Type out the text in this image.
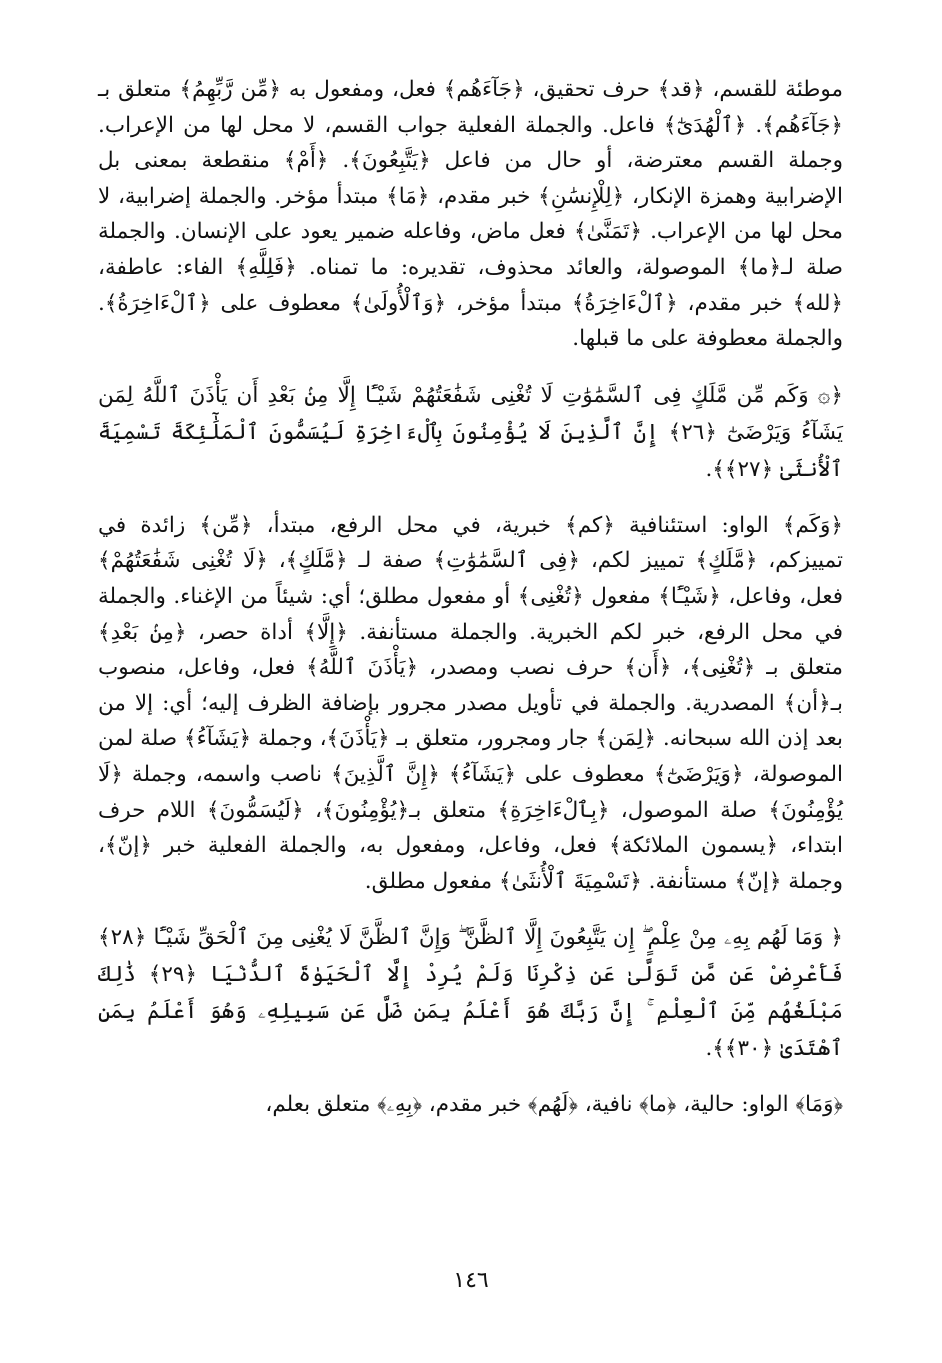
موطئة للقسم، ﴿قد﴾ حرف تحقيق، ﴿جَآءَهُم﴾ فعل، ومفعول به ﴿مِّن رَّبِّهِمُ﴾ متعلق بـ ﴿جَآءَهُم﴾. ﴿ٱلْهُدَىٰٓ﴾ فاعل. والجملة الفعلية جواب القسم، لا محل لها من الإعراب. وجملة القسم معترضة، أو حال من فاعل ﴿يَتَّبِعُونَ﴾. ﴿أَمْ﴾ منقطعة بمعنى بل الإضرابية وهمزة الإنكار، ﴿لِلْإِنسَٰنِ﴾ خبر مقدم، ﴿مَا﴾ مبتدأ مؤخر. والجملة إضرابية، لا محل لها من الإعراب. ﴿تَمَنَّىٰ﴾ فعل ماض، وفاعله ضمير يعود على الإنسان. والجملة صلة لـ﴿ما﴾ الموصولة، والعائد محذوف، تقديره: ما تمناه. ﴿فَلِلَّهِ﴾ الفاء: عاطفة، ﴿لله﴾ خبر مقدم، ﴿ٱلْءَاخِرَةُ﴾ مبتدأ مؤخر، ﴿وَٱلْأُولَىٰ﴾ معطوف على ﴿ٱلْءَاخِرَةُ﴾. والجملة معطوفة على ما قبلها.

﴿۞ وَكَم مِّن مَّلَكٍ فِى ٱلسَّمَٰوَٰتِ لَا تُغْنِى شَفَٰعَتُهُمْ شَيْـًٔا إِلَّا مِنۢ بَعْدِ أَن يَأْذَنَ ٱللَّهُ لِمَن يَشَآءُ وَيَرْضَىٰٓ ﴿٢٦﴾ إِنَّ ٱلَّذِينَ لَا يُؤْمِنُونَ بِٱلْءَاخِرَةِ لَيُسَمُّونَ ٱلْمَلَٰٓئِكَةَ تَسْمِيَةَ ٱلْأُنثَىٰ ﴿٢٧﴾﴾.

﴿وَكَم﴾ الواو: استئنافية ﴿كم﴾ خبرية، في محل الرفع، مبتدأ، ﴿مِّن﴾ زائدة في تمييزكم، ﴿مَّلَكٍ﴾ تمييز لكم، ﴿فِى ٱلسَّمَٰوَٰتِ﴾ صفة لـ ﴿مَّلَكٍ﴾، ﴿لَا تُغْنِى شَفَٰعَتُهُمْ﴾ فعل، وفاعل، ﴿شَيْـًٔا﴾ مفعول ﴿تُغْنِى﴾ أو مفعول مطلق؛ أي: شيئاً من الإغناء. والجملة في محل الرفع، خبر لكم الخبرية. والجملة مستأنفة. ﴿إِلَّا﴾ أداة حصر، ﴿مِنۢ بَعْدِ﴾ متعلق بـ ﴿تُغْنِى﴾، ﴿أَن﴾ حرف نصب ومصدر، ﴿يَأْذَنَ ٱللَّهُ﴾ فعل، وفاعل، منصوب بـ﴿أن﴾ المصدرية. والجملة في تأويل مصدر مجرور بإضافة الظرف إليه؛ أي: إلا من بعد إذن الله سبحانه. ﴿لِمَن﴾ جار ومجرور، متعلق بـ ﴿يَأْذَنَ﴾، وجملة ﴿يَشَآءُ﴾ صلة لمن الموصولة، ﴿وَيَرْضَىٰٓ﴾ معطوف على ﴿يَشَآءُ﴾ ﴿إِنَّ ٱلَّذِينَ﴾ ناصب واسمه، وجملة ﴿لَا يُؤْمِنُونَ﴾ صلة الموصول، ﴿بِٱلْءَاخِرَةِ﴾ متعلق بـ﴿يُؤْمِنُونَ﴾، ﴿لَيُسَمُّونَ﴾ اللام حرف ابتداء، ﴿يسمون الملائكة﴾ فعل، وفاعل، ومفعول به، والجملة الفعلية خبر ﴿إنّ﴾، وجملة ﴿إنّ﴾ مستأنفة. ﴿تَسْمِيَةَ ٱلْأُنثَىٰ﴾ مفعول مطلق.

﴿ وَمَا لَهُم بِهِۦ مِنْ عِلْمٍ ۖ إِن يَتَّبِعُونَ إِلَّا ٱلظَّنَّ ۖ وَإِنَّ ٱلظَّنَّ لَا يُغْنِى مِنَ ٱلْحَقِّ شَيْـًٔا ﴿٢٨﴾ فَأَعْرِضْ عَن مَّن تَوَلَّىٰ عَن ذِكْرِنَا وَلَمْ يُرِدْ إِلَّا ٱلْحَيَوٰةَ ٱلدُّنْيَا ﴿٢٩﴾ ذَٰلِكَ مَبْلَغُهُم مِّنَ ٱلْعِلْمِ ۚ إِنَّ رَبَّكَ هُوَ أَعْلَمُ بِمَن ضَلَّ عَن سَبِيلِهِۦ وَهُوَ أَعْلَمُ بِمَنِ ٱهْتَدَىٰ ﴿٣٠﴾﴾.

﴿وَمَا﴾ الواو: حالية، ﴿ما﴾ نافية، ﴿لَهُم﴾ خبر مقدم، ﴿بِهِۦ﴾ متعلق بعلم،

١٤٦
